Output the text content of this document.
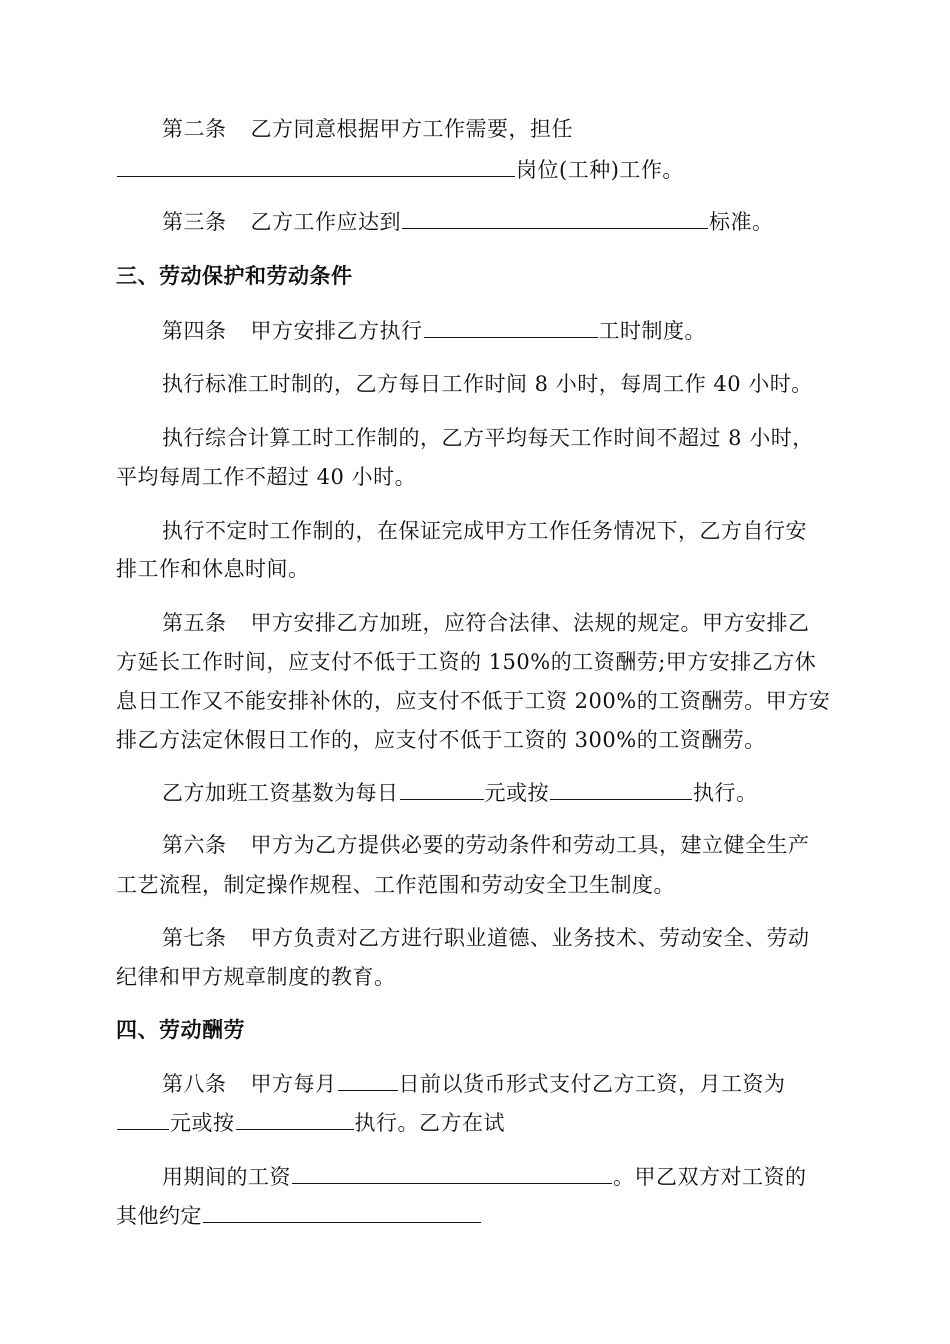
第二条 乙方同意根据甲方工作需要，担任
岗位(工种)工作。
第三条 乙方工作应达到	标准。
三、劳动保护和劳动条件
第四条 甲方安排乙方执行	工时制度。
执行标准工时制的，乙方每日工作时间 8 小时，每周工作 40 小时。
执行综合计算工时工作制的，乙方平均每天工作时间不超过 8 小时，
平均每周工作不超过 40 小时。
执行不定时工作制的，在保证完成甲方工作任务情况下，乙方自行安
排工作和休息时间。
第五条 甲方安排乙方加班，应符合法律、法规的规定。甲方安排乙
方延长工作时间，应支付不低于工资的 150%的工资酬劳;甲方安排乙方休
息日工作又不能安排补休的，应支付不低于工资 200%的工资酬劳。甲方安
排乙方法定休假日工作的，应支付不低于工资的 300%的工资酬劳。
乙方加班工资基数为每日	元或按	执行。
第六条 甲方为乙方提供必要的劳动条件和劳动工具，建立健全生产
工艺流程，制定操作规程、工作范围和劳动安全卫生制度。
第七条 甲方负责对乙方进行职业道德、业务技术、劳动安全、劳动
纪律和甲方规章制度的教育。
四、劳动酬劳
第八条 甲方每月	日前以货币形式支付乙方工资，月工资为
元或按	执行。乙方在试
用期间的工资	。甲乙双方对工资的
其他约定
